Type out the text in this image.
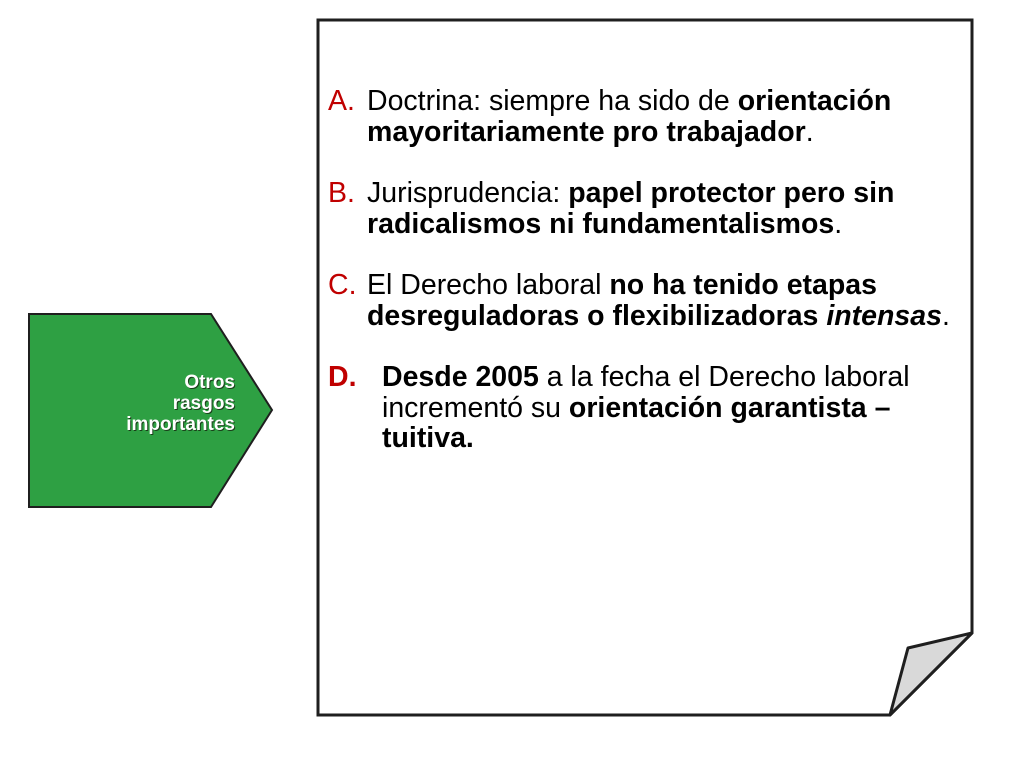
Otros
rasgos
importantes
A. Doctrina: siempre ha sido de orientación mayoritariamente pro trabajador.
B. Jurisprudencia: papel protector pero sin radicalismos ni fundamentalismos.
C. El Derecho laboral no ha tenido etapas desreguladoras o flexibilizadoras intensas.
D. Desde 2005 a la fecha el Derecho laboral incrementó su orientación garantista – tuitiva.
